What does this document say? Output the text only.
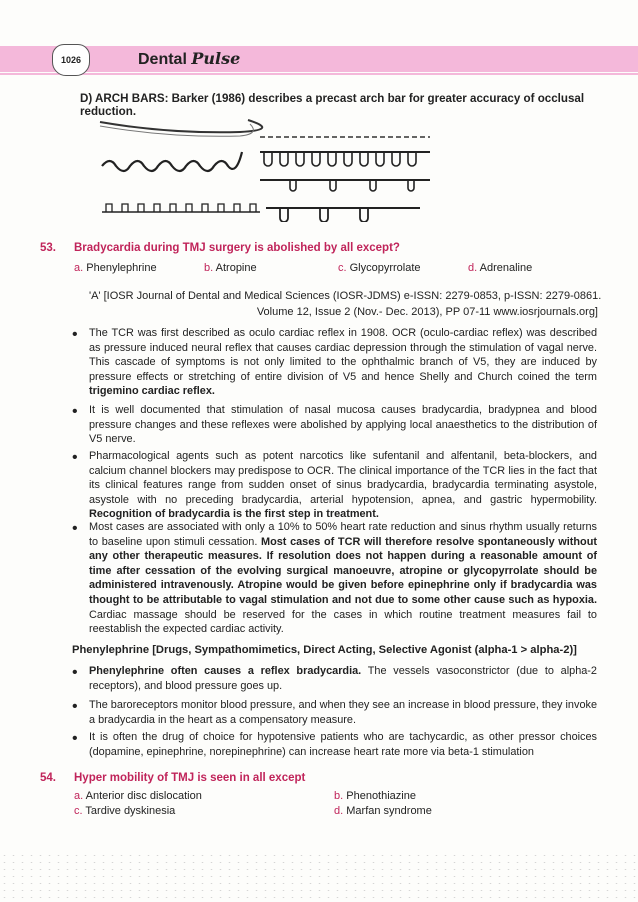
1026	Dental Pulse
D) ARCH BARS: Barker (1986) describes a precast arch bar for greater accuracy of occlusal reduction.
53. Bradycardia during TMJ surgery is abolished by all except?
a. Phenylephrine	b. Atropine	c. Glycopyrrolate	d. Adrenaline
'A' [IOSR Journal of Dental and Medical Sciences (IOSR-JDMS) e-ISSN: 2279-0853, p-ISSN: 2279-0861.
Volume 12, Issue 2 (Nov.- Dec. 2013), PP 07-11 www.iosrjournals.org]
• The TCR was first described as oculo cardiac reflex in 1908. OCR (oculo-cardiac reflex) was described as pressure induced neural reflex that causes cardiac depression through the stimulation of vagal nerve. This cascade of symptoms is not only limited to the ophthalmic branch of V5, they are induced by pressure effects or stretching of entire division of V5 and hence Shelly and Church coined the term trigemino cardiac reflex.
• It is well documented that stimulation of nasal mucosa causes bradycardia, bradypnea and blood pressure changes and these reflexes were abolished by applying local anaesthetics to the distribution of V5 nerve.
• Pharmacological agents such as potent narcotics like sufentanil and alfentanil, beta-blockers, and calcium channel blockers may predispose to OCR. The clinical importance of the TCR lies in the fact that its clinical features range from sudden onset of sinus bradycardia, bradycardia terminating asystole, asystole with no preceding bradycardia, arterial hypotension, apnea, and gastric hypermobility. Recognition of bradycardia is the first step in treatment.
• Most cases are associated with only a 10% to 50% heart rate reduction and sinus rhythm usually returns to baseline upon stimuli cessation. Most cases of TCR will therefore resolve spontaneously without any other therapeutic measures. If resolution does not happen during a reasonable amount of time after cessation of the evolving surgical manoeuvre, atropine or glycopyrrolate should be administered intravenously. Atropine would be given before epinephrine only if bradycardia was thought to be attributable to vagal stimulation and not due to some other cause such as hypoxia. Cardiac massage should be reserved for the cases in which routine treatment measures fail to reestablish the expected cardiac activity.
Phenylephrine [Drugs, Sympathomimetics, Direct Acting, Selective Agonist (alpha-1 > alpha-2)]
• Phenylephrine often causes a reflex bradycardia. The vessels vasoconstrictor (due to alpha-2 receptors), and blood pressure goes up.
• The baroreceptors monitor blood pressure, and when they see an increase in blood pressure, they invoke a bradycardia in the heart as a compensatory measure.
• It is often the drug of choice for hypotensive patients who are tachycardic, as other pressor choices (dopamine, epinephrine, norepinephrine) can increase heart rate more via beta-1 stimulation
54. Hyper mobility of TMJ is seen in all except
a. Anterior disc dislocation	b. Phenothiazine
c. Tardive dyskinesia	d. Marfan syndrome
